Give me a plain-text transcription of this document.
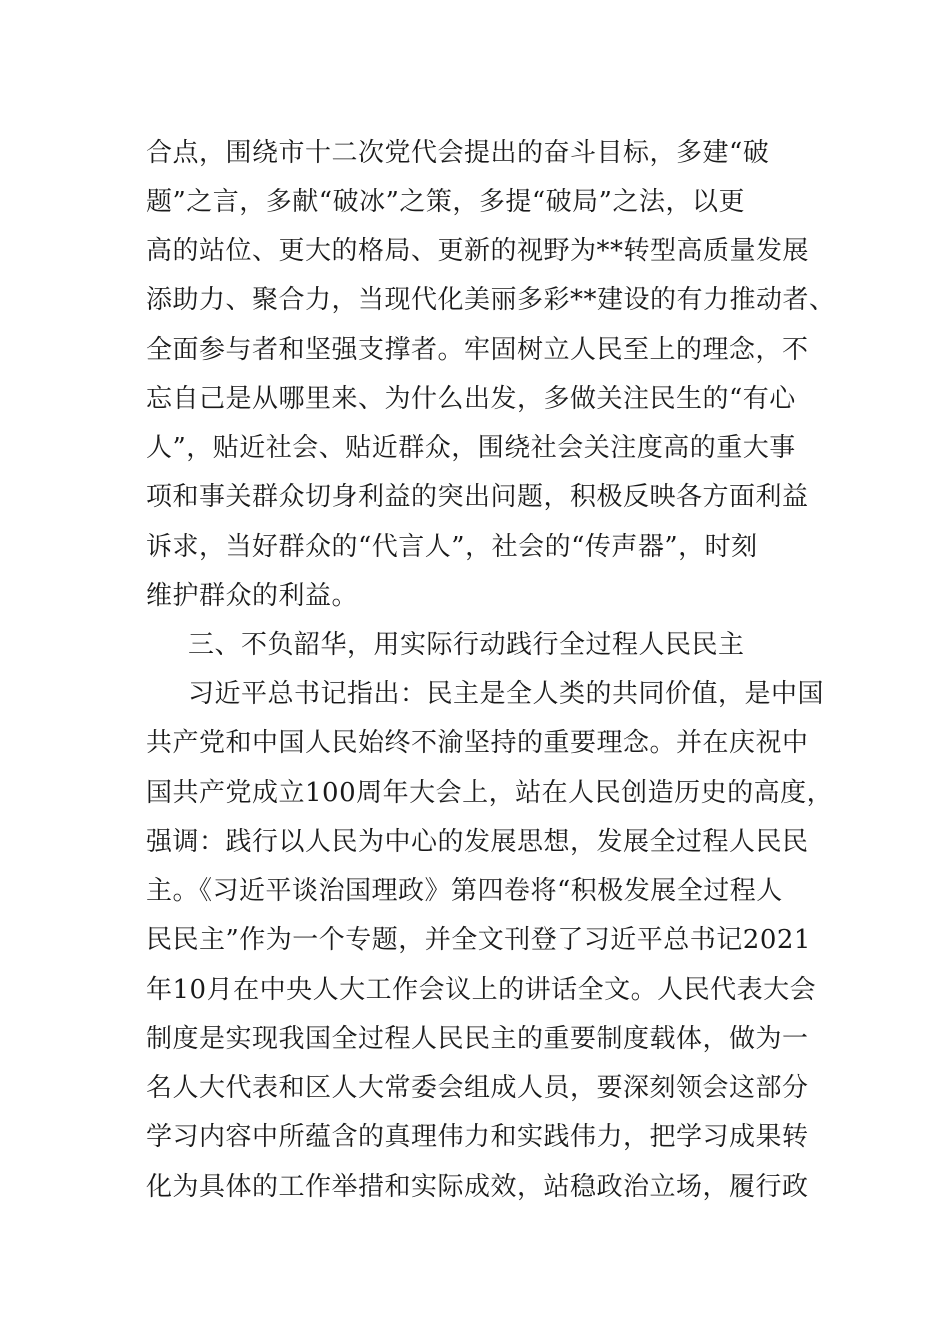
合点，围绕市十二次党代会提出的奋斗目标，多建“破
题”之言，多献“破冰”之策，多提“破局”之法，以更
高的站位、更大的格局、更新的视野为**转型高质量发展
添助力、聚合力，当现代化美丽多彩**建设的有力推动者、
全面参与者和坚强支撑者。牢固树立人民至上的理念，不
忘自己是从哪里来、为什么出发，多做关注民生的“有心
人”，贴近社会、贴近群众，围绕社会关注度高的重大事
项和事关群众切身利益的突出问题，积极反映各方面利益
诉求，当好群众的“代言人”，社会的“传声器”，时刻
维护群众的利益。
三、不负韶华，用实际行动践行全过程人民民主
习近平总书记指出：民主是全人类的共同价值，是中国
共产党和中国人民始终不渝坚持的重要理念。并在庆祝中
国共产党成立100周年大会上，站在人民创造历史的高度，
强调：践行以人民为中心的发展思想，发展全过程人民民
主。《习近平谈治国理政》第四卷将“积极发展全过程人
民民主”作为一个专题，并全文刊登了习近平总书记2021
年10月在中央人大工作会议上的讲话全文。人民代表大会
制度是实现我国全过程人民民主的重要制度载体，做为一
名人大代表和区人大常委会组成人员，要深刻领会这部分
学习内容中所蕴含的真理伟力和实践伟力，把学习成果转
化为具体的工作举措和实际成效，站稳政治立场，履行政
